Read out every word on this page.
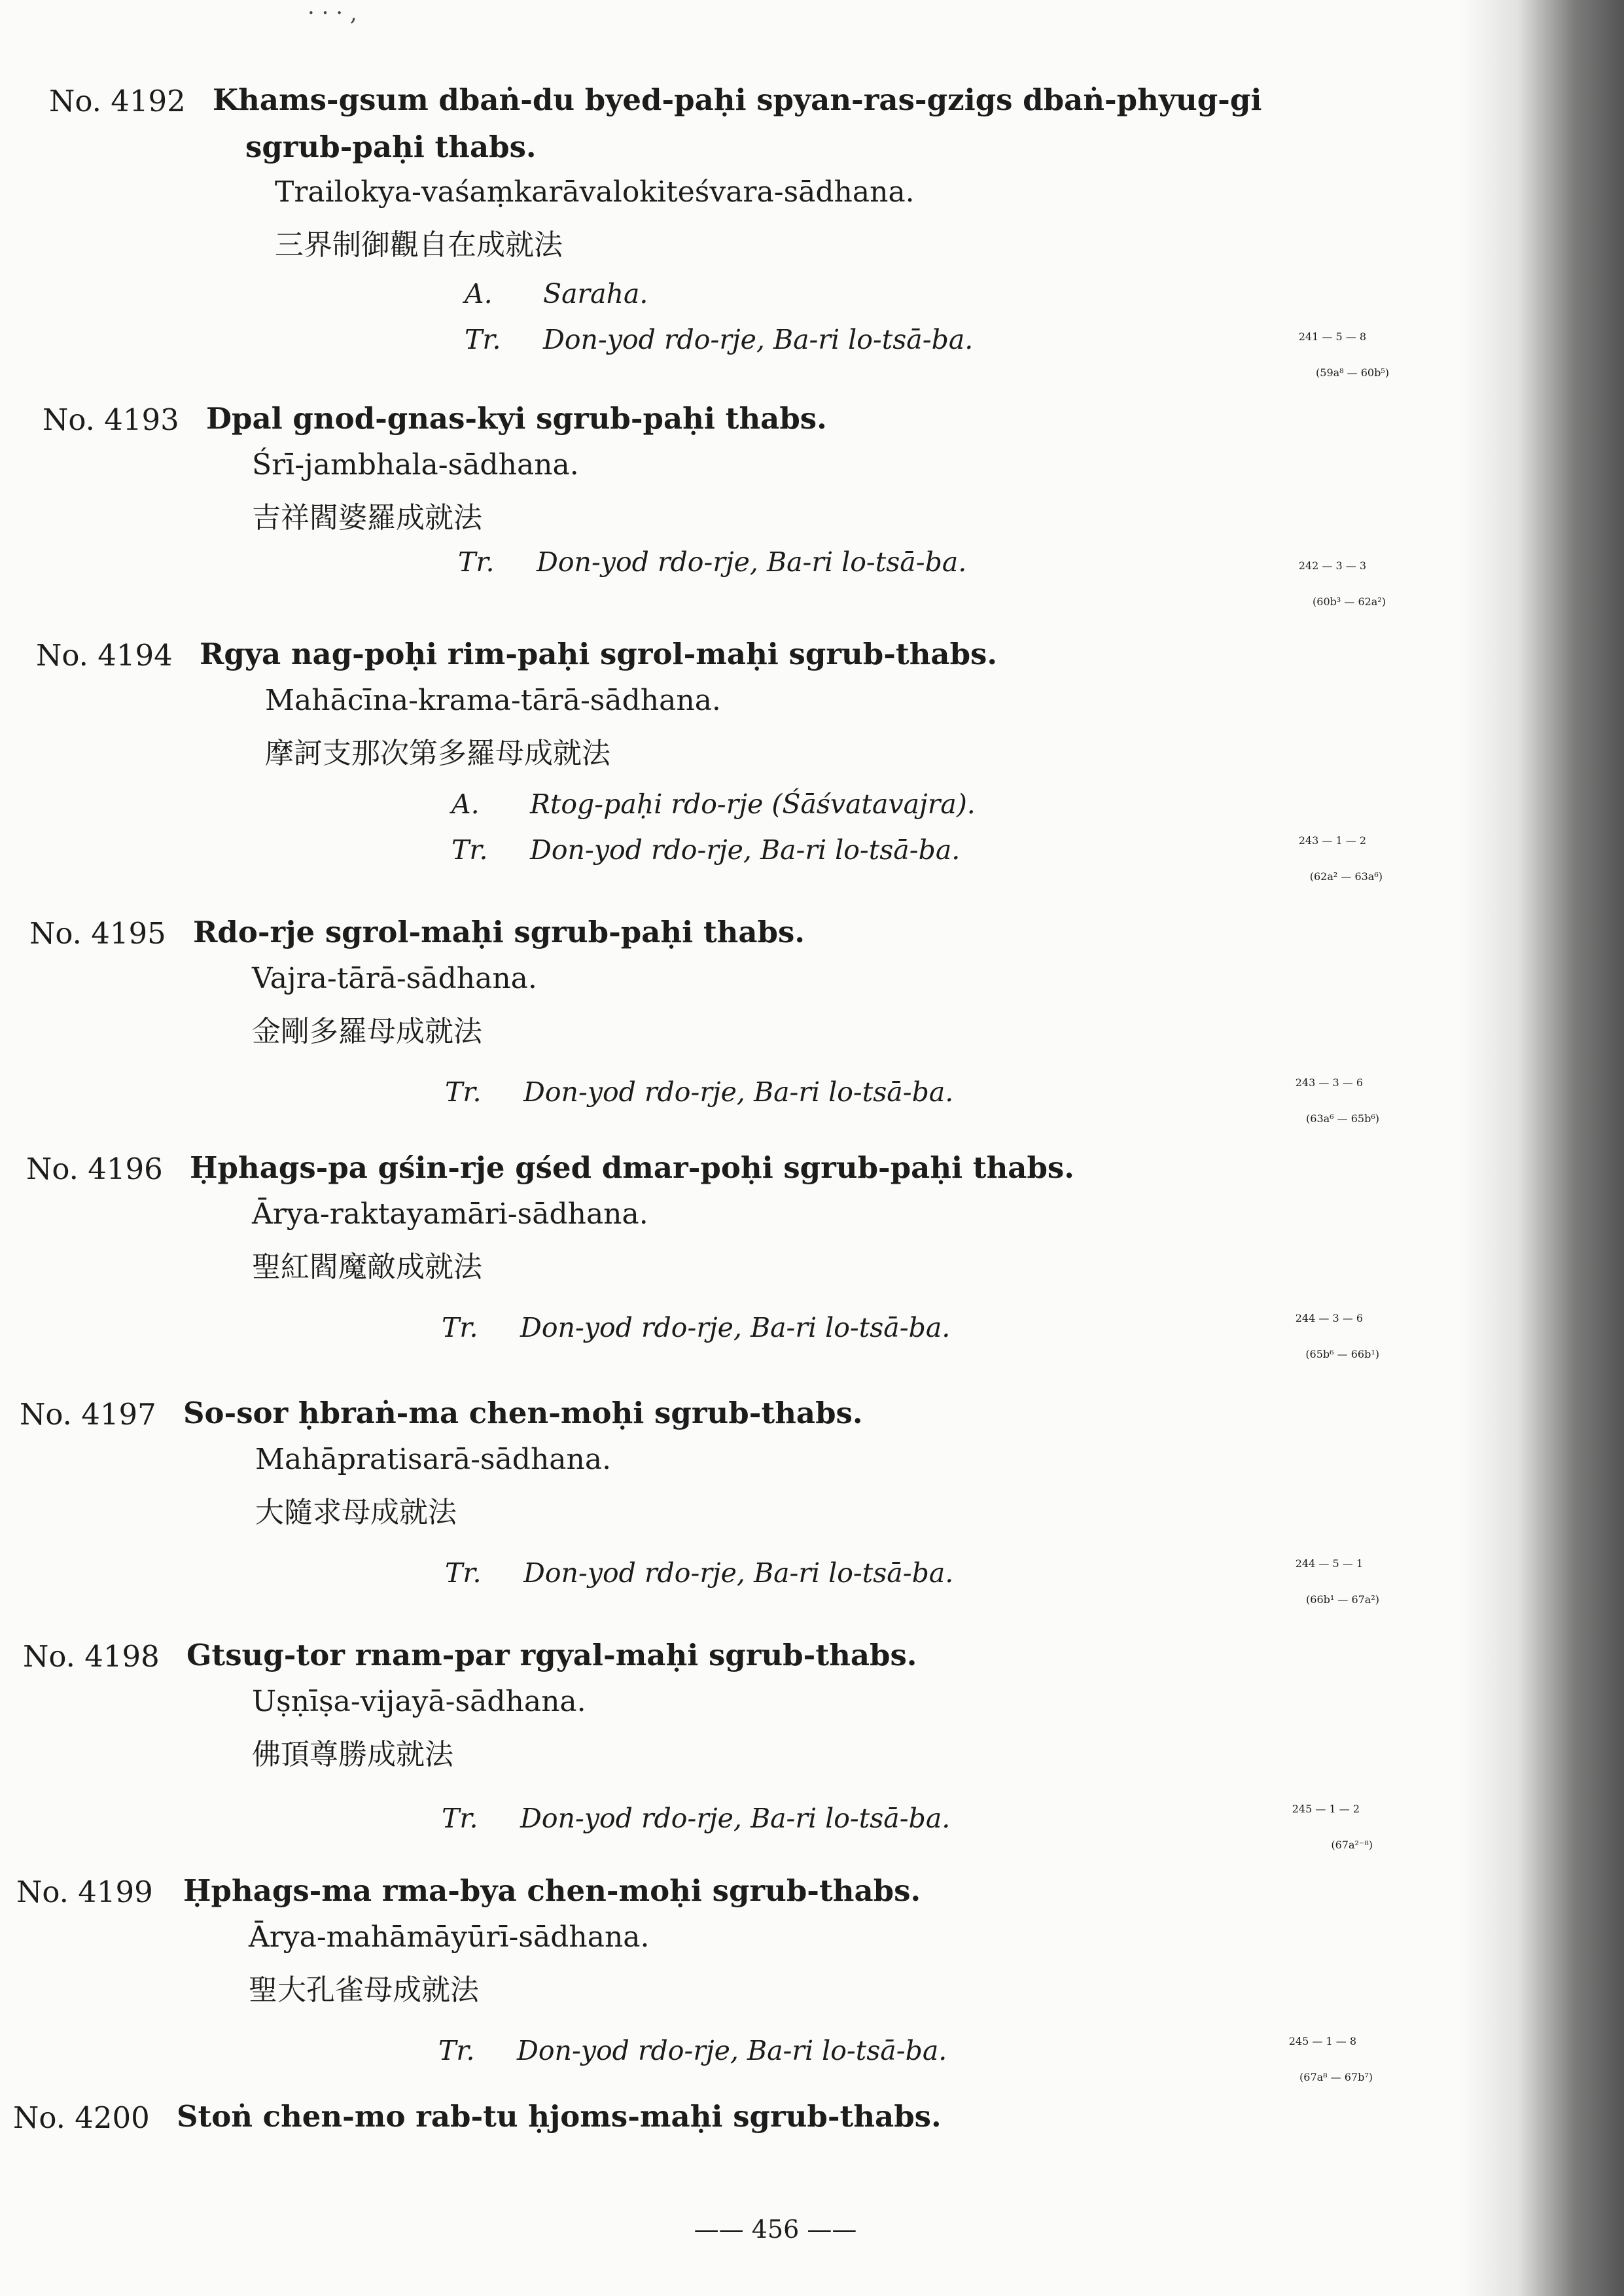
· · · ,
No. 4192 Khams-gsum dbaṅ-du byed-paḥi spyan-ras-gzigs dbaṅ-phyug-gi
sgrub-paḥi thabs.
Trailokya-vaśaṃkarāvalokiteśvara-sādhana.
三界制御觀自在成就法
A. Saraha.
Tr. Don-yod rdo-rje, Ba-ri lo-tsā-ba.	241 — 5 — 8
(59a⁸ — 60b⁵)
No. 4193 Dpal gnod-gnas-kyi sgrub-paḥi thabs.
Śrī-jambhala-sādhana.
吉祥閻婆羅成就法
Tr. Don-yod rdo-rje, Ba-ri lo-tsā-ba.	242 — 3 — 3
(60b³ — 62a²)
No. 4194 Rgya nag-poḥi rim-paḥi sgrol-maḥi sgrub-thabs.
Mahācīna-krama-tārā-sādhana.
摩訶支那次第多羅母成就法
A. Rtog-paḥi rdo-rje (Śāśvatavajra).
Tr. Don-yod rdo-rje, Ba-ri lo-tsā-ba.	243 — 1 — 2
(62a² — 63a⁶)
No. 4195 Rdo-rje sgrol-maḥi sgrub-paḥi thabs.
Vajra-tārā-sādhana.
金剛多羅母成就法
Tr. Don-yod rdo-rje, Ba-ri lo-tsā-ba.	243 — 3 — 6
(63a⁶ — 65b⁶)
No. 4196 Ḥphags-pa gśin-rje gśed dmar-poḥi sgrub-paḥi thabs.
Ārya-raktayamāri-sādhana.
聖紅閻魔敵成就法
Tr. Don-yod rdo-rje, Ba-ri lo-tsā-ba.	244 — 3 — 6
(65b⁶ — 66b¹)
No. 4197 So-sor ḥbraṅ-ma chen-moḥi sgrub-thabs.
Mahāpratisarā-sādhana.
大隨求母成就法
Tr. Don-yod rdo-rje, Ba-ri lo-tsā-ba.	244 — 5 — 1
(66b¹ — 67a²)
No. 4198 Gtsug-tor rnam-par rgyal-maḥi sgrub-thabs.
Uṣṇīṣa-vijayā-sādhana.
佛頂尊勝成就法
Tr. Don-yod rdo-rje, Ba-ri lo-tsā-ba.	245 — 1 — 2
(67a²⁻⁸)
No. 4199 Ḥphags-ma rma-bya chen-moḥi sgrub-thabs.
Ārya-mahāmāyūrī-sādhana.
聖大孔雀母成就法
Tr. Don-yod rdo-rje, Ba-ri lo-tsā-ba.	245 — 1 — 8
(67a⁸ — 67b⁷)
No. 4200 Stoṅ chen-mo rab-tu ḥjoms-maḥi sgrub-thabs.
—— 456 ——
